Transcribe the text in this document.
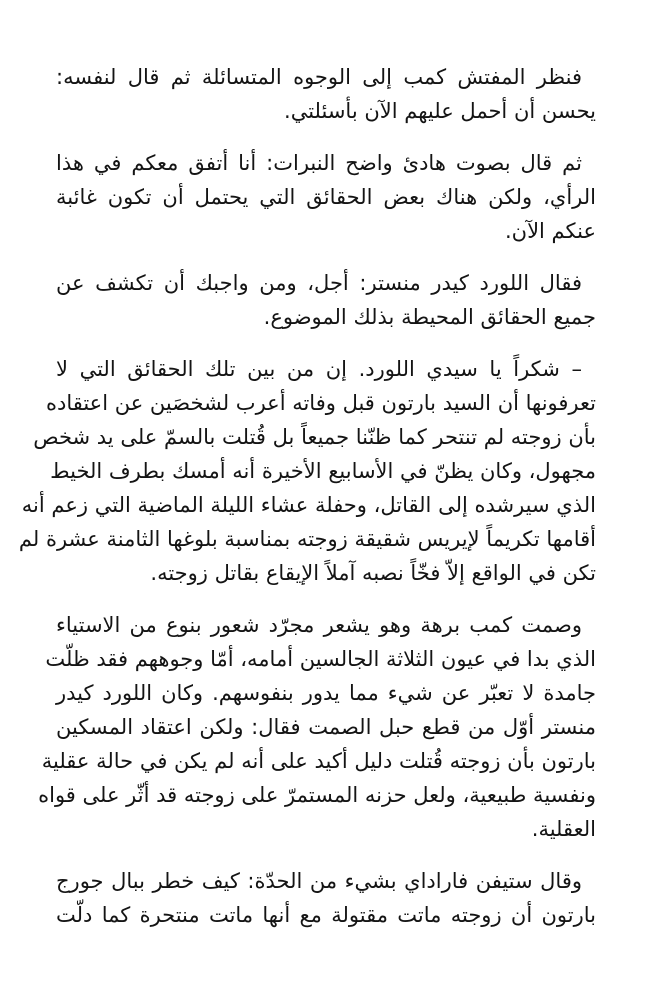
فنظر المفتش كمب إلى الوجوه المتسائلة ثم قال لنفسه:
يحسن أن أحمل عليهم الآن بأسئلتي.
ثم قال بصوت هادئ واضح النبرات: أنا أتفق معكم في هذا
الرأي، ولكن هناك بعض الحقائق التي يحتمل أن تكون غائبة
عنكم الآن.
فقال اللورد كيدر منستر: أجل، ومن واجبك أن تكشف عن
جميع الحقائق المحيطة بذلك الموضوع.
– شكراً يا سيدي اللورد. إن من بين تلك الحقائق التي لا
تعرفونها أن السيد بارتون قبل وفاته أعرب لشخصَين عن اعتقاده
بأن زوجته لم تنتحر كما ظنّنا جميعاً بل قُتلت بالسمّ على يد شخص
مجهول، وكان يظنّ في الأسابيع الأخيرة أنه أمسك بطرف الخيط
الذي سيرشده إلى القاتل، وحفلة عشاء الليلة الماضية التي زعم أنه
أقامها تكريماً لإيريس شقيقة زوجته بمناسبة بلوغها الثامنة عشرة لم
تكن في الواقع إلاّ فخّاً نصبه آملاً الإيقاع بقاتل زوجته.
وصمت كمب برهة وهو يشعر مجرّد شعور بنوع من الاستياء
الذي بدا في عيون الثلاثة الجالسين أمامه، أمّا وجوههم فقد ظلّت
جامدة لا تعبّر عن شيء مما يدور بنفوسهم. وكان اللورد كيدر
منستر أوّل من قطع حبل الصمت فقال: ولكن اعتقاد المسكين
بارتون بأن زوجته قُتلت دليل أكيد على أنه لم يكن في حالة عقلية
ونفسية طبيعية، ولعل حزنه المستمرّ على زوجته قد أثّر على قواه
العقلية.
وقال ستيفن فاراداي بشيء من الحدّة: كيف خطر ببال جورج
بارتون أن زوجته ماتت مقتولة مع أنها ماتت منتحرة كما دلّت
